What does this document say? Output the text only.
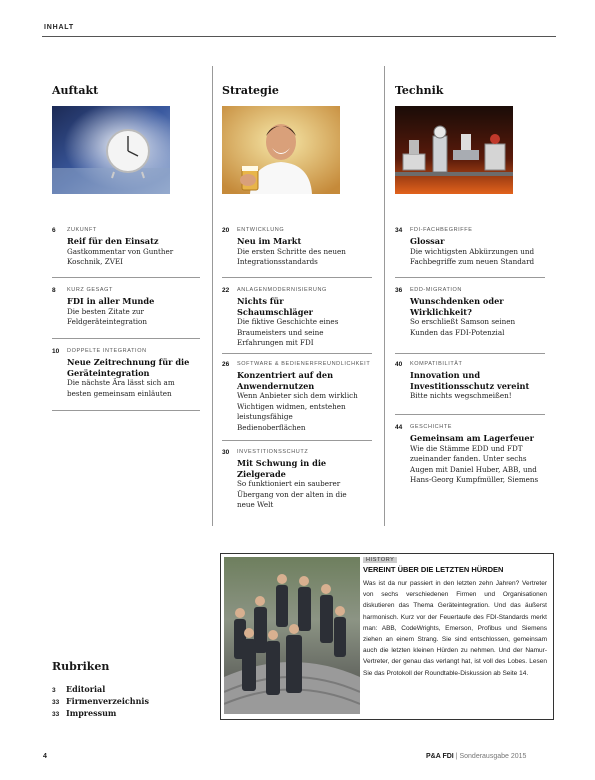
INHALT
Auftakt
6 ZUKUNFT
Reif für den Einsatz
Gastkommentar von Gunther Koschnik, ZVEI
8 KURZ GESAGT
FDI in aller Munde
Die besten Zitate zur Feldgeräteintegration
10 DOPPELTE INTEGRATION
Neue Zeitrechnung für die Geräteintegration
Die nächste Ära lässt sich am besten gemeinsam einläuten
Strategie
20 ENTWICKLUNG
Neu im Markt
Die ersten Schritte des neuen Integrationsstandards
22 ANLAGENMODERNISIERUNG
Nichts für Schaumschläger
Die fiktive Geschichte eines Braumeisters und seine Erfahrungen mit FDI
26 SOFTWARE & BEDIENERFREUNDLICHKEIT
Konzentriert auf den Anwendernutzen
Wenn Anbieter sich dem wirklich Wichtigen widmen, entstehen leistungsfähige Bedienoberflächen
30 INVESTITIONSSCHUTZ
Mit Schwung in die Zielgerade
So funktioniert ein sauberer Übergang von der alten in die neue Welt
Technik
34 FDI-FACHBEGRIFFE
Glossar
Die wichtigsten Abkürzungen und Fachbegriffe zum neuen Standard
36 EDD-MIGRATION
Wunschdenken oder Wirklichkeit?
So erschließt Samson seinen Kunden das FDI-Potenzial
40 KOMPATIBILITÄT
Innovation und Investitionsschutz vereint
Bitte nichts wegschmeißen!
44 GESCHICHTE
Gemeinsam am Lagerfeuer
Wie die Stämme EDD und FDT zueinander fanden. Unter sechs Augen mit Daniel Huber, ABB, und Hans-Georg Kumpfmüller, Siemens
Rubriken
3 Editorial
33 Firmenverzeichnis
33 Impressum
HISTORY
VEREINT ÜBER DIE LETZTEN HÜRDEN
Was ist da nur passiert in den letzten zehn Jahren? Vertreter von sechs verschiedenen Firmen und Organisationen diskutieren das Thema Geräteintegration. Und das äußerst harmonisch. Kurz vor der Feuertaufe des FDI-Standards merkt man: ABB, CodeWrights, Emerson, Profibus und Siemens ziehen an einem Strang. Sie sind entschlossen, gemeinsam auch die letzten kleinen Hürden zu nehmen. Und der Namur-Vertreter, der genau das verlangt hat, ist voll des Lobes. Lesen Sie das Protokoll der Roundtable-Diskussion ab Seite 14.
4	P&A FDI | Sonderausgabe 2015
